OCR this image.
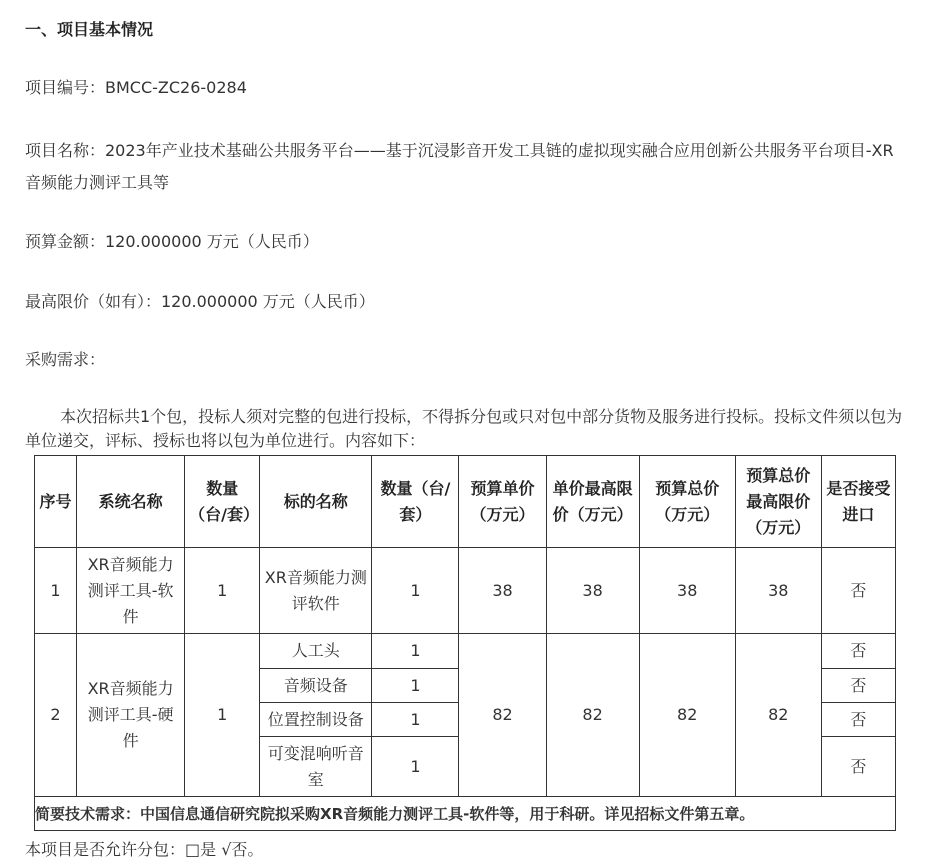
一、项目基本情况
项目编号：BMCC-ZC26-0284
项目名称：2023年产业技术基础公共服务平台——基于沉浸影音开发工具链的虚拟现实融合应用创新公共服务平台项目-XR音频能力测评工具等
预算金额：120.000000 万元（人民币）
最高限价（如有）：120.000000 万元（人民币）
采购需求：
本次招标共1个包，投标人须对完整的包进行投标，不得拆分包或只对包中部分货物及服务进行投标。投标文件须以包为单位递交，评标、授标也将以包为单位进行。内容如下：
序号	系统名称	数量（台/套）	标的名称	数量（台/套）	预算单价（万元）	单价最高限价（万元）	预算总价（万元）	预算总价最高限价（万元）	是否接受进口
1	XR音频能力测评工具-软件	1	XR音频能力测评软件	1	38	38	38	38	否
2	XR音频能力测评工具-硬件	1	人工头	1	82	82	82	82	否
			音频设备	1					否
			位置控制设备	1					否
			可变混响听音室	1					否
简要技术需求：中国信息通信研究院拟采购XR音频能力测评工具-软件等，用于科研。详见招标文件第五章。									
本项目是否允许分包：□是 √否。
